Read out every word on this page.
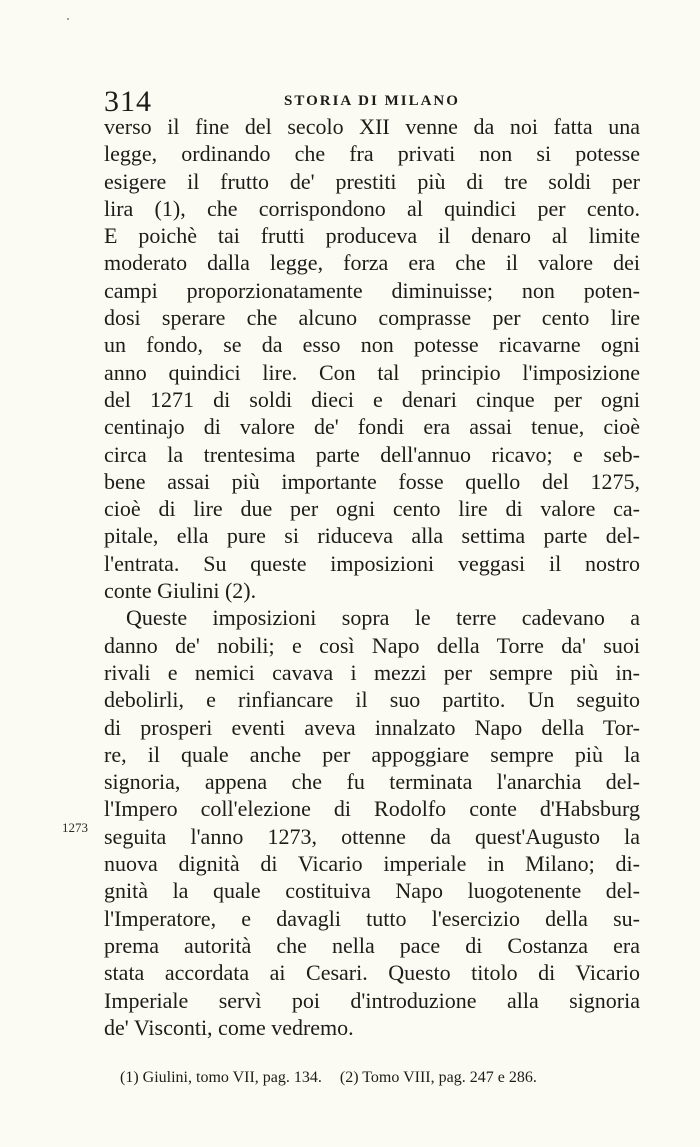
314	STORIA DI MILANO
1273
verso il fine del secolo XII venne da noi fatta una
legge, ordinando che fra privati non si potesse
esigere il frutto de' prestiti più di tre soldi per
lira (1), che corrispondono al quindici per cento.
E poichè tai frutti produceva il denaro al limite
moderato dalla legge, forza era che il valore dei
campi proporzionatamente diminuisse; non poten-
dosi sperare che alcuno comprasse per cento lire
un fondo, se da esso non potesse ricavarne ogni
anno quindici lire. Con tal principio l'imposizione
del 1271 di soldi dieci e denari cinque per ogni
centinajo di valore de' fondi era assai tenue, cioè
circa la trentesima parte dell'annuo ricavo; e seb-
bene assai più importante fosse quello del 1275,
cioè di lire due per ogni cento lire di valore ca-
pitale, ella pure si riduceva alla settima parte del-
l'entrata. Su queste imposizioni veggasi il nostro
conte Giulini (2).
Queste imposizioni sopra le terre cadevano a
danno de' nobili; e così Napo della Torre da' suoi
rivali e nemici cavava i mezzi per sempre più in-
debolirli, e rinfiancare il suo partito. Un seguito
di prosperi eventi aveva innalzato Napo della Tor-
re, il quale anche per appoggiare sempre più la
signoria, appena che fu terminata l'anarchia del-
l'Impero coll'elezione di Rodolfo conte d'Habsburg
seguita l'anno 1273, ottenne da quest'Augusto la
nuova dignità di Vicario imperiale in Milano; di-
gnità la quale costituiva Napo luogotenente del-
l'Imperatore, e davagli tutto l'esercizio della su-
prema autorità che nella pace di Costanza era
stata accordata ai Cesari. Questo titolo di Vicario
Imperiale servì poi d'introduzione alla signoria
de' Visconti, come vedremo.
(1) Giulini, tomo VII, pag. 134. (2) Tomo VIII, pag. 247 e 286.
